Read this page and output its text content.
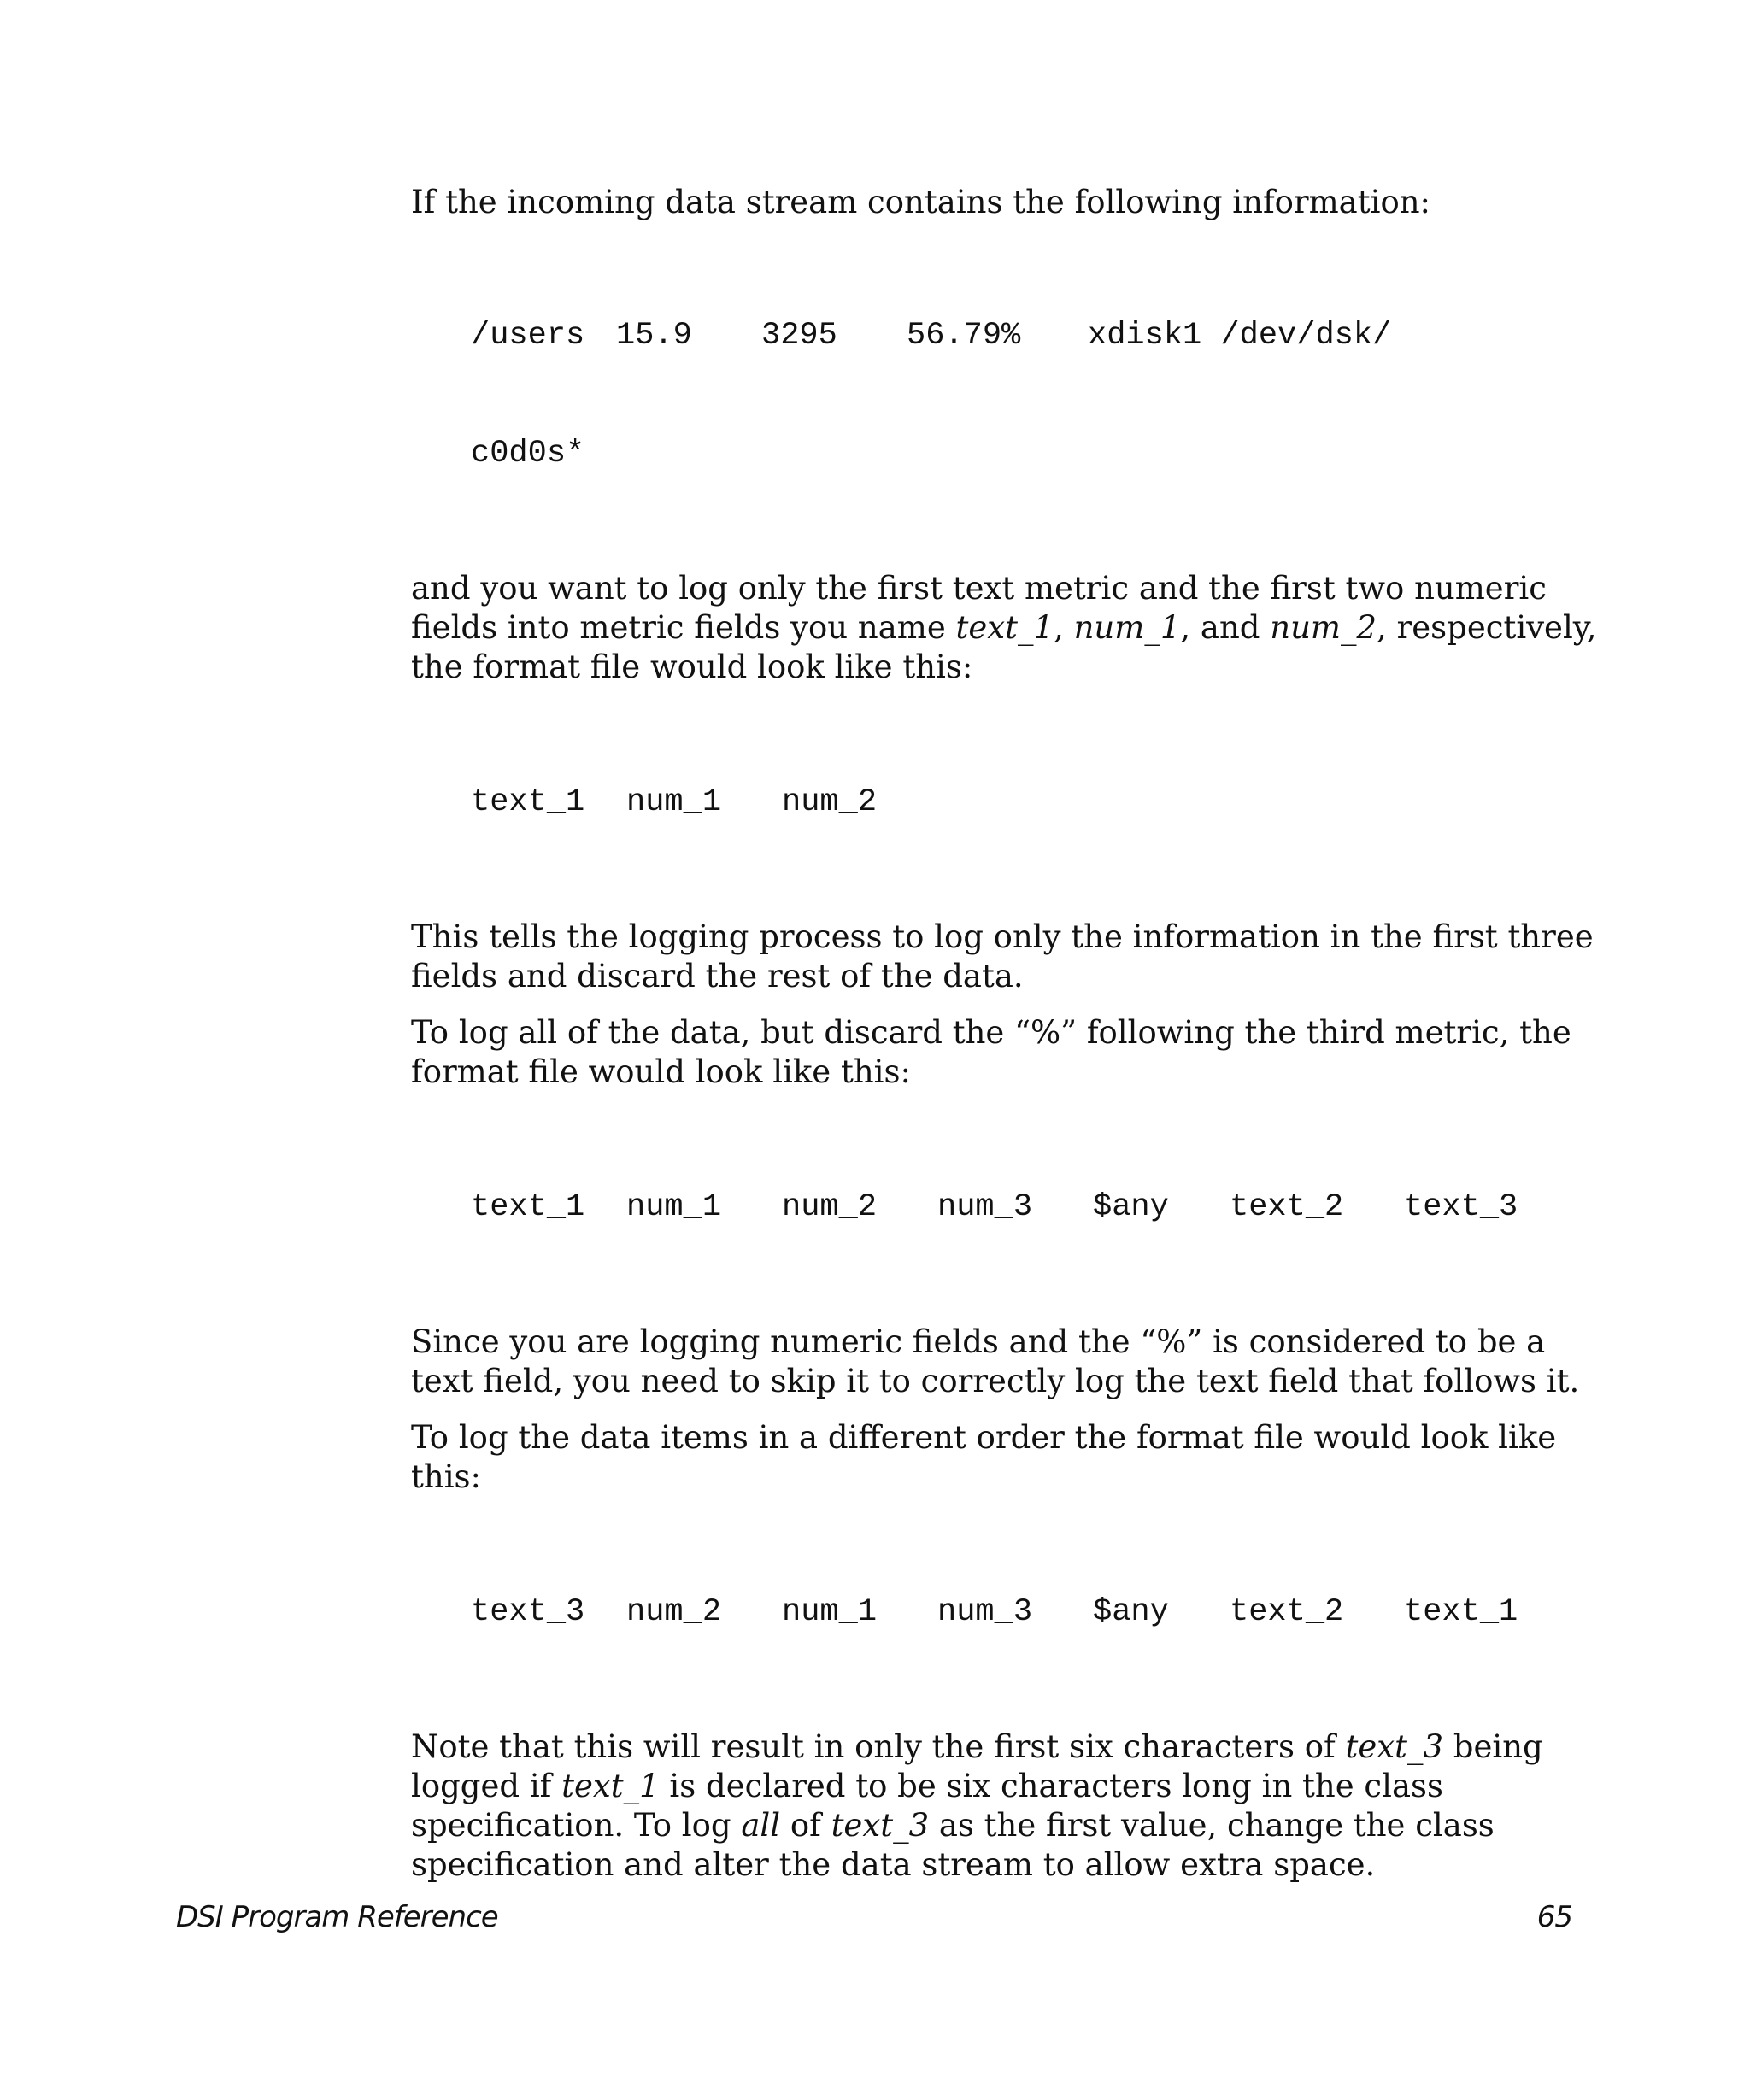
If the incoming data stream contains the following information:

/users 15.9 3295 56.79% xdisk1 /dev/dsk/

c0d0s*

and you want to log only the first text metric and the first two numeric fields into metric fields you name text_1, num_1, and num_2, respectively, the format file would look like this:

text_1 num_1 num_2

This tells the logging process to log only the information in the first three fields and discard the rest of the data.

To log all of the data, but discard the “%” following the third metric, the format file would look like this:

text_1 num_1 num_2 num_3 $any text_2 text_3

Since you are logging numeric fields and the “%” is considered to be a text field, you need to skip it to correctly log the text field that follows it.

To log the data items in a different order the format file would look like this:

text_3 num_2 num_1 num_3 $any text_2 text_1

Note that this will result in only the first six characters of text_3 being logged if text_1 is declared to be six characters long in the class specification. To log all of text_3 as the first value, change the class specification and alter the data stream to allow extra space.

DSI Program Reference	65
